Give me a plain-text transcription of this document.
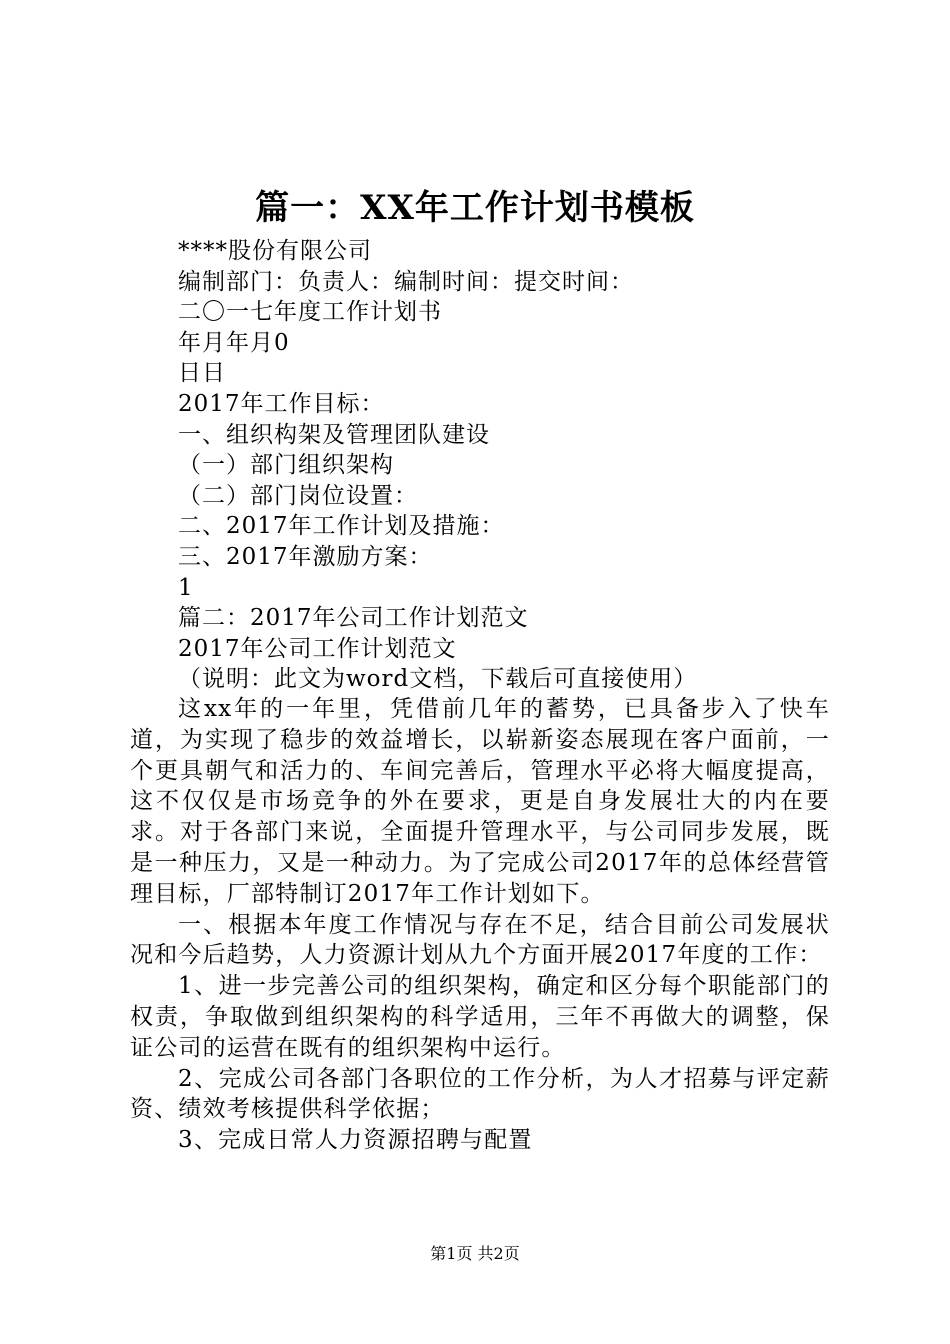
篇一：XX年工作计划书模板
****股份有限公司
编制部门：负责人：编制时间：提交时间：
二〇一七年度工作计划书
年月年月0
日日
2017年工作目标：
一、组织构架及管理团队建设
（一）部门组织架构
（二）部门岗位设置：
二、2017年工作计划及措施：
三、2017年激励方案：
1
篇二：2017年公司工作计划范文
2017年公司工作计划范文
（说明：此文为word文档，下载后可直接使用）

这xx年的一年里，凭借前几年的蓄势，已具备步入了快车道，为实现了稳步的效益增长，以崭新姿态展现在客户面前，一个更具朝气和活力的、车间完善后，管理水平必将大幅度提高，这不仅仅是市场竞争的外在要求，更是自身发展壮大的内在要求。对于各部门来说，全面提升管理水平，与公司同步发展，既是一种压力，又是一种动力。为了完成公司2017年的总体经营管理目标，厂部特制订2017年工作计划如下。

一、根据本年度工作情况与存在不足，结合目前公司发展状况和今后趋势，人力资源计划从九个方面开展2017年度的工作：

1、进一步完善公司的组织架构，确定和区分每个职能部门的权责，争取做到组织架构的科学适用，三年不再做大的调整，保证公司的运营在既有的组织架构中运行。

2、完成公司各部门各职位的工作分析，为人才招募与评定薪资、绩效考核提供科学依据；

3、完成日常人力资源招聘与配置

第1页 共2页
